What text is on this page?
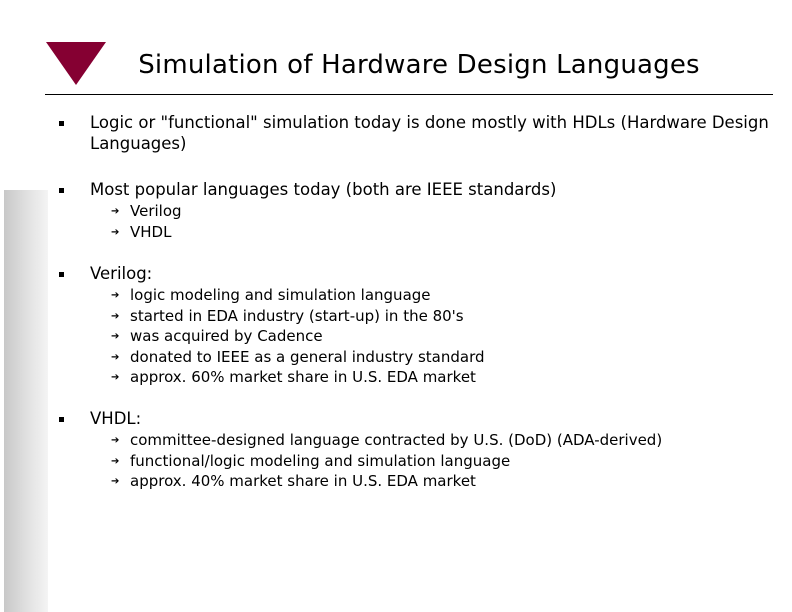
Simulation of Hardware Design Languages
Logic or "functional" simulation today is done mostly with HDLs (Hardware Design Languages)
Most popular languages today (both are IEEE standards)
➔ Verilog
➔ VHDL
Verilog:
➔ logic modeling and simulation language
➔ started in EDA industry (start-up) in the 80's
➔ was acquired by Cadence
➔ donated to IEEE as a general industry standard
➔ approx. 60% market share in U.S. EDA market
VHDL:
➔ committee-designed language contracted by U.S. (DoD) (ADA-derived)
➔ functional/logic modeling and simulation language
➔ approx. 40% market share in U.S. EDA market
